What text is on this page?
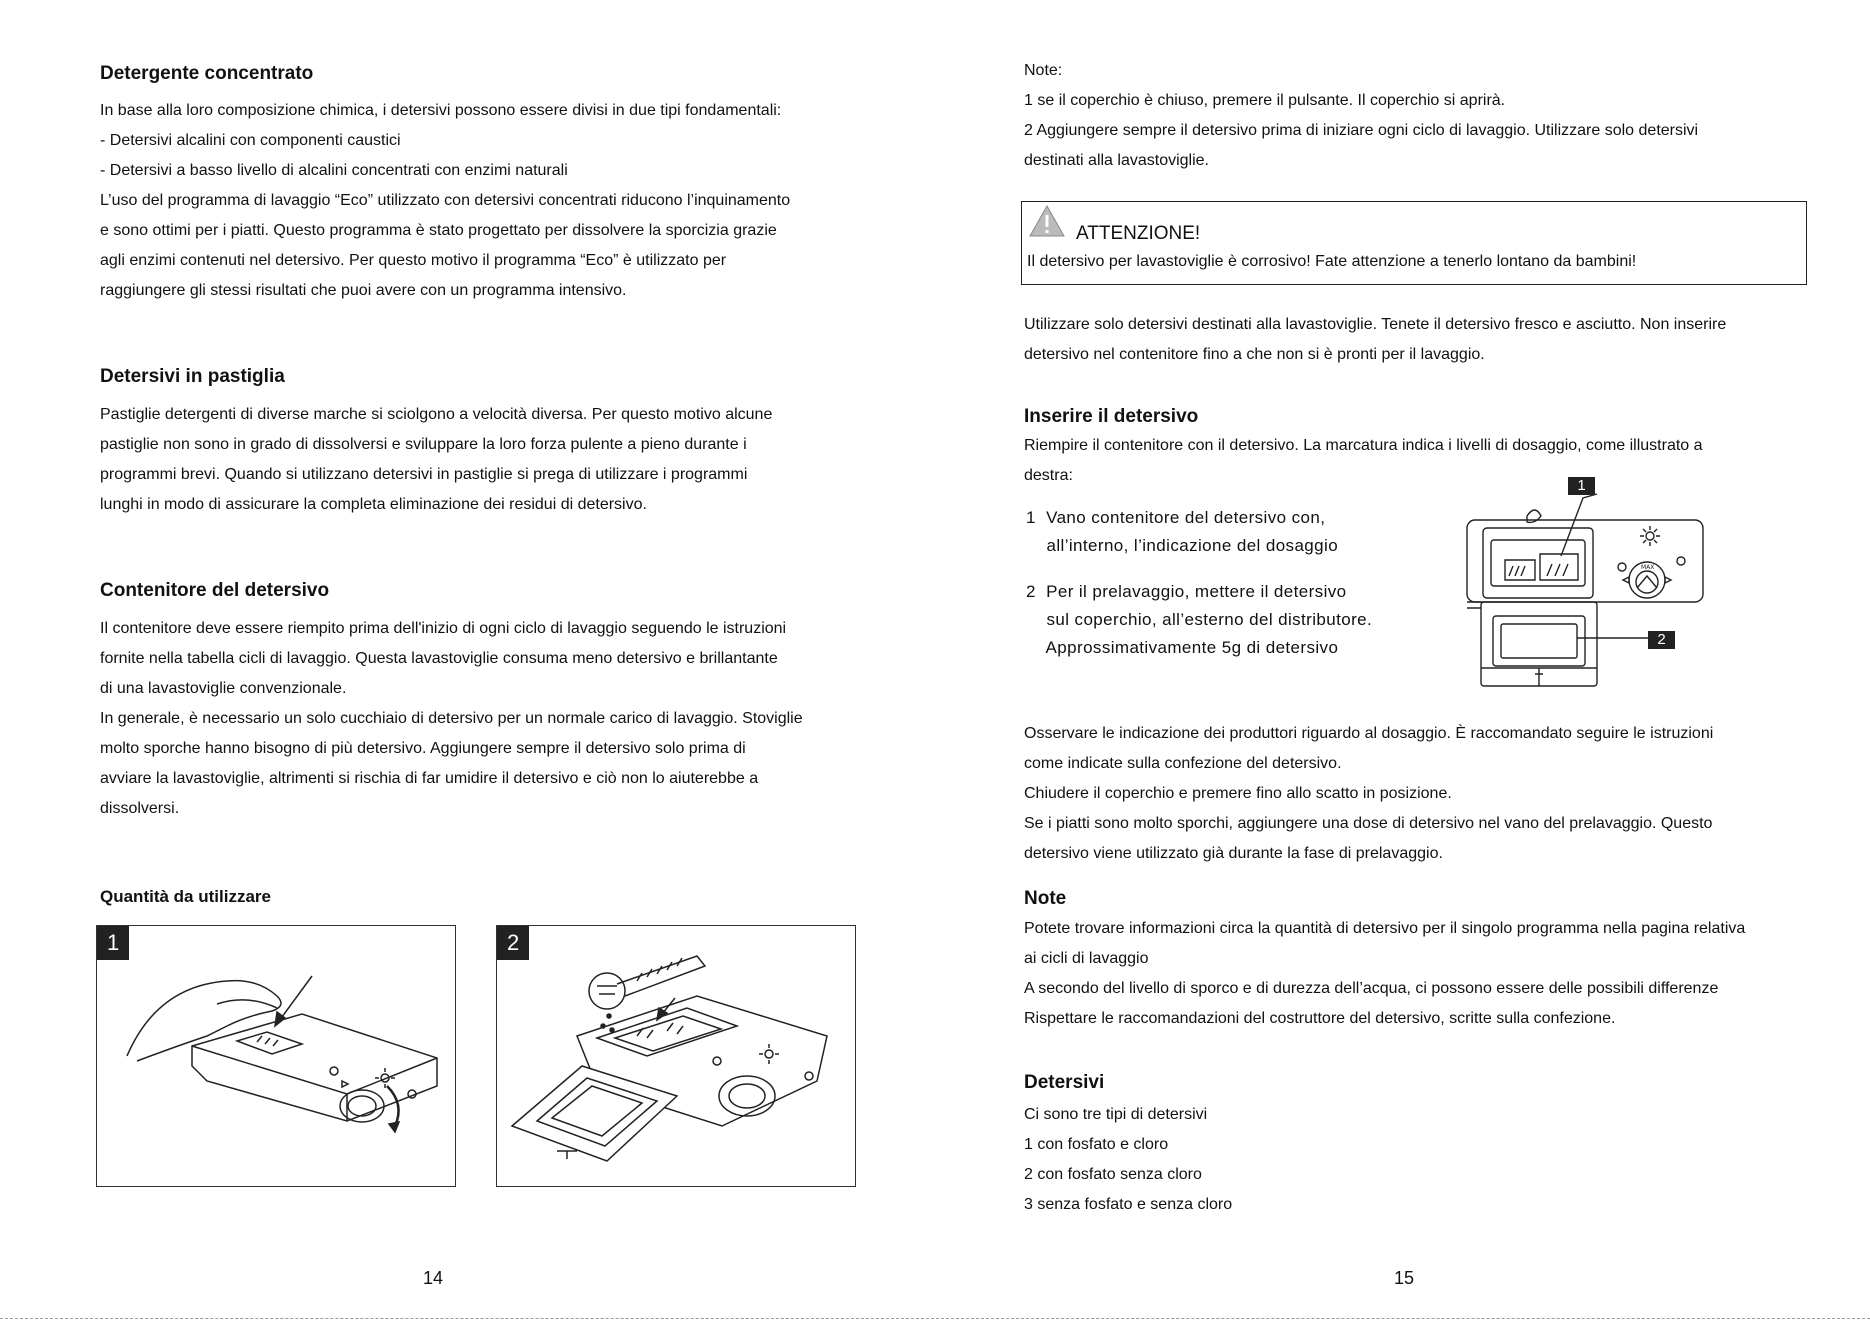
Detergente concentrato
In base alla loro composizione chimica, i detersivi possono essere divisi in due tipi fondamentali:
- Detersivi alcalini con componenti caustici
- Detersivi a basso livello di alcalini concentrati con enzimi naturali
L’uso del programma di lavaggio “Eco” utilizzato con detersivi concentrati riducono l’inquinamento
e sono ottimi per i piatti. Questo programma è stato progettato per dissolvere la sporcizia grazie
agli enzimi contenuti nel detersivo. Per questo motivo il programma “Eco” è utilizzato per
raggiungere gli stessi risultati che puoi avere con un programma intensivo.
Detersivi in pastiglia
Pastiglie detergenti di diverse marche si sciolgono a velocità diversa. Per questo motivo alcune
pastiglie non sono in grado di dissolversi e sviluppare la loro forza pulente a pieno durante i
programmi brevi. Quando si utilizzano detersivi in pastiglie si prega di utilizzare i programmi
lunghi in modo di assicurare la completa eliminazione dei residui di detersivo.
Contenitore del detersivo
Il contenitore deve essere riempito prima dell'inizio di ogni ciclo di lavaggio seguendo le istruzioni
fornite nella tabella cicli di lavaggio. Questa lavastoviglie consuma meno detersivo e brillantante
di una lavastoviglie convenzionale.
In generale, è necessario un solo cucchiaio di detersivo per un normale carico di lavaggio. Stoviglie
molto sporche hanno bisogno di più detersivo. Aggiungere sempre il detersivo solo prima di
avviare la lavastoviglie, altrimenti si rischia di far umidire il detersivo e ciò non lo aiuterebbe a
dissolversi.
Quantità da utilizzare
1	2
14
Note:
1 se il coperchio è chiuso, premere il pulsante. Il coperchio si aprirà.
2 Aggiungere sempre il detersivo prima di iniziare ogni ciclo di lavaggio. Utilizzare solo detersivi
destinati alla lavastoviglie.
ATTENZIONE!
Il detersivo per lavastoviglie è corrosivo! Fate attenzione a tenerlo lontano da bambini!
Utilizzare solo detersivi destinati alla lavastoviglie. Tenete il detersivo fresco e asciutto. Non inserire
detersivo nel contenitore fino a che non si è pronti per il lavaggio.
Inserire il detersivo
Riempire il contenitore con il detersivo. La marcatura indica i livelli di dosaggio, come illustrato a
destra:
1  Vano contenitore del detersivo con,
all’interno, l’indicazione del dosaggio
2  Per il prelavaggio, mettere il detersivo
sul coperchio, all’esterno del distributore.
Approssimativamente 5g di detersivo
1
2
MAX
Osservare le indicazione dei produttori riguardo al dosaggio. È raccomandato seguire le istruzioni
come indicate sulla confezione del detersivo.
Chiudere il coperchio e premere fino allo scatto in posizione.
Se i piatti sono molto sporchi, aggiungere una dose di detersivo nel vano del prelavaggio. Questo
detersivo viene utilizzato già durante la fase di prelavaggio.
Note
Potete trovare informazioni circa la quantità di detersivo per il singolo programma nella pagina relativa
ai cicli di lavaggio
A secondo del livello di sporco e di durezza dell’acqua, ci possono essere delle possibili differenze
Rispettare le raccomandazioni del costruttore del detersivo, scritte sulla confezione.
Detersivi
Ci sono tre tipi di detersivi
1 con fosfato e cloro
2 con fosfato senza cloro
3 senza fosfato e senza cloro
15
